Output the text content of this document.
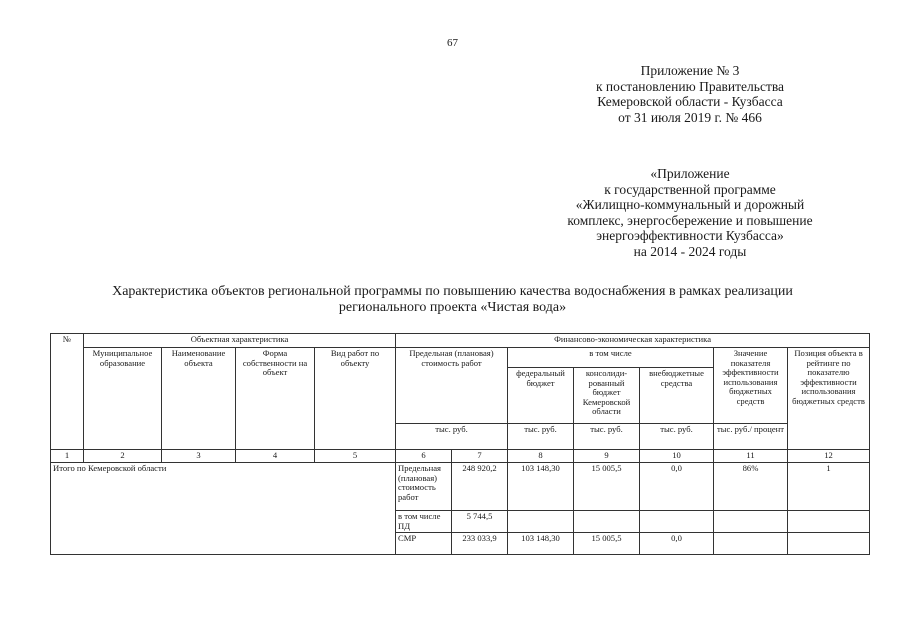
67
Приложение № 3
к постановлению Правительства
Кемеровской области - Кузбасса
от 31 июля 2019 г. № 466
«Приложение
к государственной программе
«Жилищно-коммунальный и дорожный
комплекс, энергосбережение и повышение
энергоэффективности Кузбасса»
на 2014 - 2024 годы
Характеристика объектов региональной программы по повышению качества водоснабжения в рамках реализации
регионального проекта «Чистая вода»
№	Объектная характеристика				Финансово-экономическая характеристика						
	Муниципальное образование	Наименование объекта	Форма собственности на объект	Вид работ по объекту	Предельная (плановая) стоимость работ		в том числе			Значение показателя эффективности использования бюджетных средств	Позиция объекта в рейтинге по показателю эффективности использования бюджетных средств
							федеральный бюджет	консолиди-рованный бюджет Кемеровской области	внебюджетные средства		
					тыс. руб.		тыс. руб.	тыс. руб.	тыс. руб.	тыс. руб./ процент	
1	2	3	4	5	6	7	8	9	10	11	12
Итого по Кемеровской области					Предельная (плановая) стоимость работ	248 920,2	103 148,30	15 005,5	0,0	86%	1
					в том числе ПД	5 744,5					
					СМР	233 033,9	103 148,30	15 005,5	0,0		
